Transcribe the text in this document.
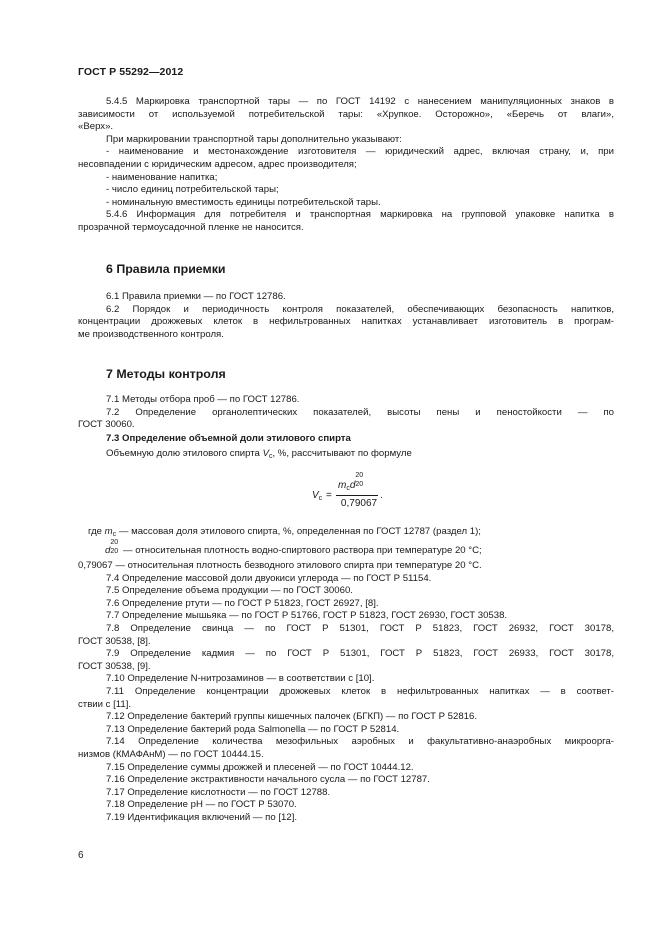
ГОСТ Р 55292—2012

5.4.5 Маркировка транспортной тары — по ГОСТ 14192 с нанесением манипуляционных знаков в

зависимости от используемой потребительской тары: «Хрупкое. Осторожно», «Беречь от влаги»,

«Верх».

При маркировании транспортной тары дополнительно указывают:

- наименование и местонахождение изготовителя — юридический адрес, включая страну, и, при

несовпадении с юридическим адресом, адрес производителя;

- наименование напитка;

- число единиц потребительской тары;

- номинальную вместимость единицы потребительской тары.

5.4.6 Информация для потребителя и транспортная маркировка на групповой упаковке напитка в

прозрачной термоусадочной пленке не наносится.

6 Правила приемки

6.1 Правила приемки — по ГОСТ 12786.

6.2 Порядок и периодичность контроля показателей, обеспечивающих безопасность напитков,

концентрации дрожжевых клеток в нефильтрованных напитках устанавливает изготовитель в програм-

ме производственного контроля.

7 Методы контроля

7.1 Методы отбора проб — по ГОСТ 12786.

7.2 Определение органолептических показателей, высоты пены и пеностойкости — по

ГОСТ 30060.

7.3 Определение объемной доли этилового спирта

Объемную долю этилового спирта $V_c$, %, рассчитывают по формуле

$V_c$ =
$m_cd$
20
20
0,79067
.
где $m_c$ — массовая доля этилового спирта, %, определенная по ГОСТ 12787 (раздел 1);
d
20
20 — относительная плотность водно-спиртового раствора при температуре 20 °С;

0,79067 — относительная плотность безводного этилового спирта при температуре 20 °С.

7.4 Определение массовой доли двуокиси углерода — по ГОСТ Р 51154.

7.5 Определение объема продукции — по ГОСТ 30060.

7.6 Определение ртути — по ГОСТ Р 51823, ГОСТ 26927, [8].

7.7 Определение мышьяка — по ГОСТ Р 51766, ГОСТ Р 51823, ГОСТ 26930, ГОСТ 30538.

7.8 Определение свинца — по ГОСТ Р 51301, ГОСТ Р 51823, ГОСТ 26932, ГОСТ 30178,

ГОСТ 30538, [8].

7.9 Определение кадмия — по ГОСТ Р 51301, ГОСТ Р 51823, ГОСТ 26933, ГОСТ 30178,

ГОСТ 30538, [9].

7.10 Определение N-нитрозаминов — в соответствии с [10].

7.11 Определение концентрации дрожжевых клеток в нефильтрованных напитках — в соответ-

ствии с [11].

7.12 Определение бактерий группы кишечных палочек (БГКП) — по ГОСТ Р 52816.

7.13 Определение бактерий рода Salmonella — по ГОСТ Р 52814.

7.14 Определение количества мезофильных аэробных и факультативно-анаэробных микроорга-

низмов (КМАФАнМ) — по ГОСТ 10444.15.

7.15 Определение суммы дрожжей и плесеней — по ГОСТ 10444.12.

7.16 Определение экстрактивности начального сусла — по ГОСТ 12787.

7.17 Определение кислотности — по ГОСТ 12788.

7.18 Определение pH — по ГОСТ Р 53070.

7.19 Идентификация включений — по [12].

6
